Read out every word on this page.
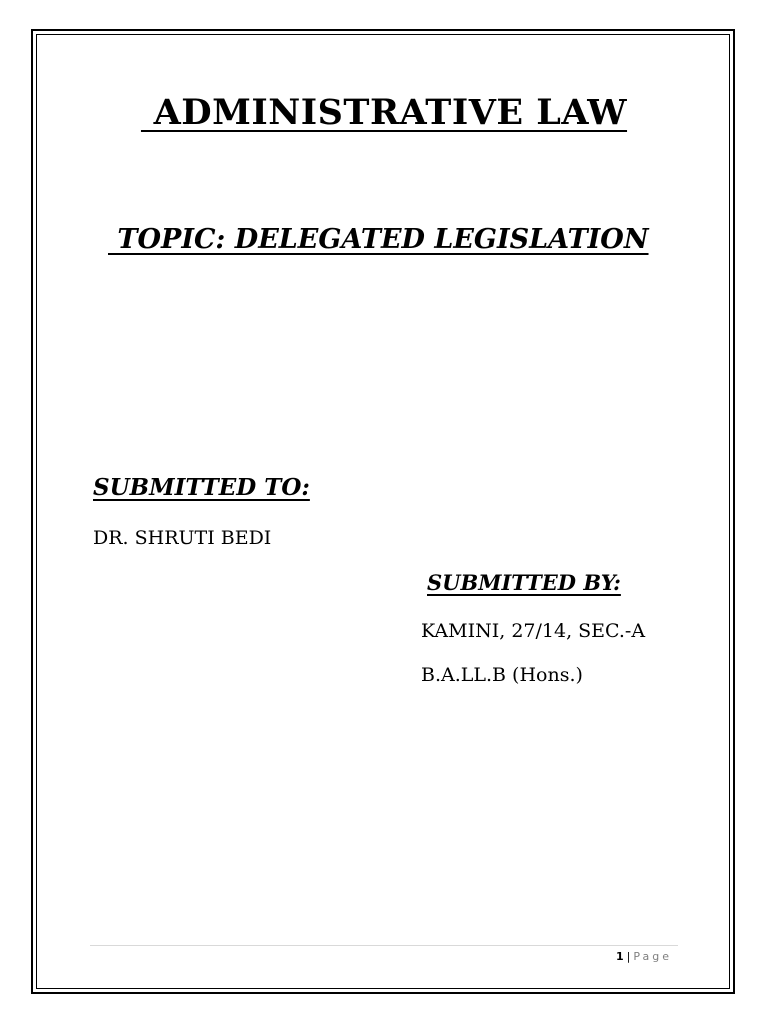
ADMINISTRATIVE LAW
TOPIC: DELEGATED LEGISLATION
SUBMITTED TO:
DR. SHRUTI BEDI
SUBMITTED BY:
KAMINI, 27/14, SEC.-A
B.A.LL.B (Hons.)
1 | Page
